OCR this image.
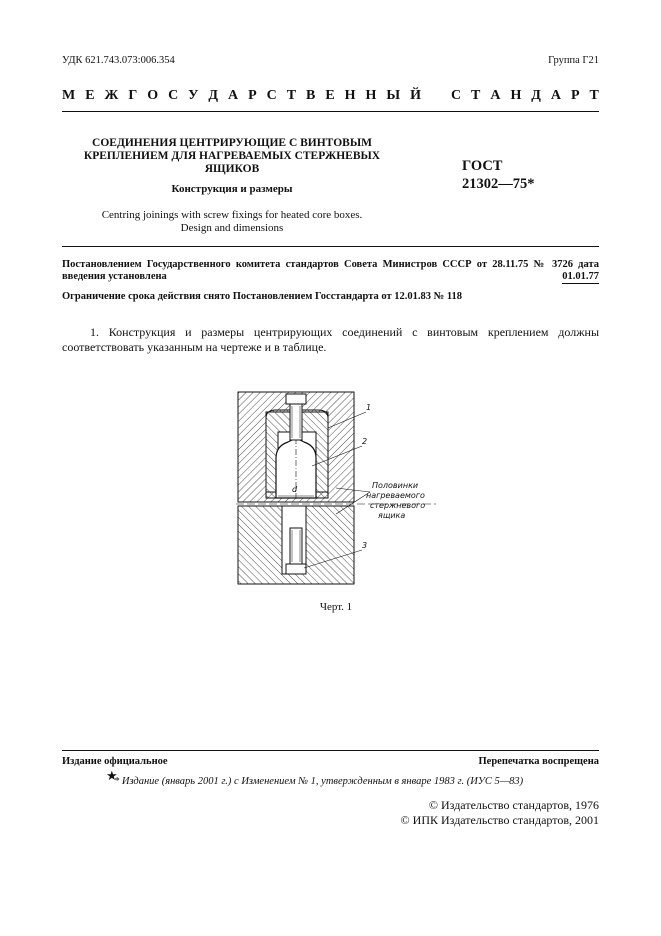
УДК 621.743.073:006.354	Группа Г21
М Е Ж Г О С У Д А Р С Т В Е Н Н Ы Й С Т А Н Д А Р Т
СОЕДИНЕНИЯ ЦЕНТРИРУЮЩИЕ С ВИНТОВЫМ
КРЕПЛЕНИЕМ ДЛЯ НАГРЕВАЕМЫХ СТЕРЖНЕВЫХ
ЯЩИКОВ
Конструкция и размеры
Centring joinings with screw fixings for heated core boxes.
Design and dimensions
ГОСТ
21302—75*
Постановлением Государственного комитета стандартов Совета Министров СССР от 28.11.75 № 3726 дата введения установлена	01.01.77
Ограничение срока действия снято Постановлением Госстандарта от 12.01.83 № 118
1. Конструкция и размеры центрирующих соединений с винтовым креплением должны соответствовать указанным на чертеже и в таблице.
d
1
2
3
Половинки
нагреваемого
стержневого
ящика
Черт. 1
Издание официальное	Перепечатка воспрещена
★
* Издание (январь 2001 г.) с Изменением № 1, утвержденным в январе 1983 г. (ИУС 5—83)
© Издательство стандартов, 1976
© ИПК Издательство стандартов, 2001
